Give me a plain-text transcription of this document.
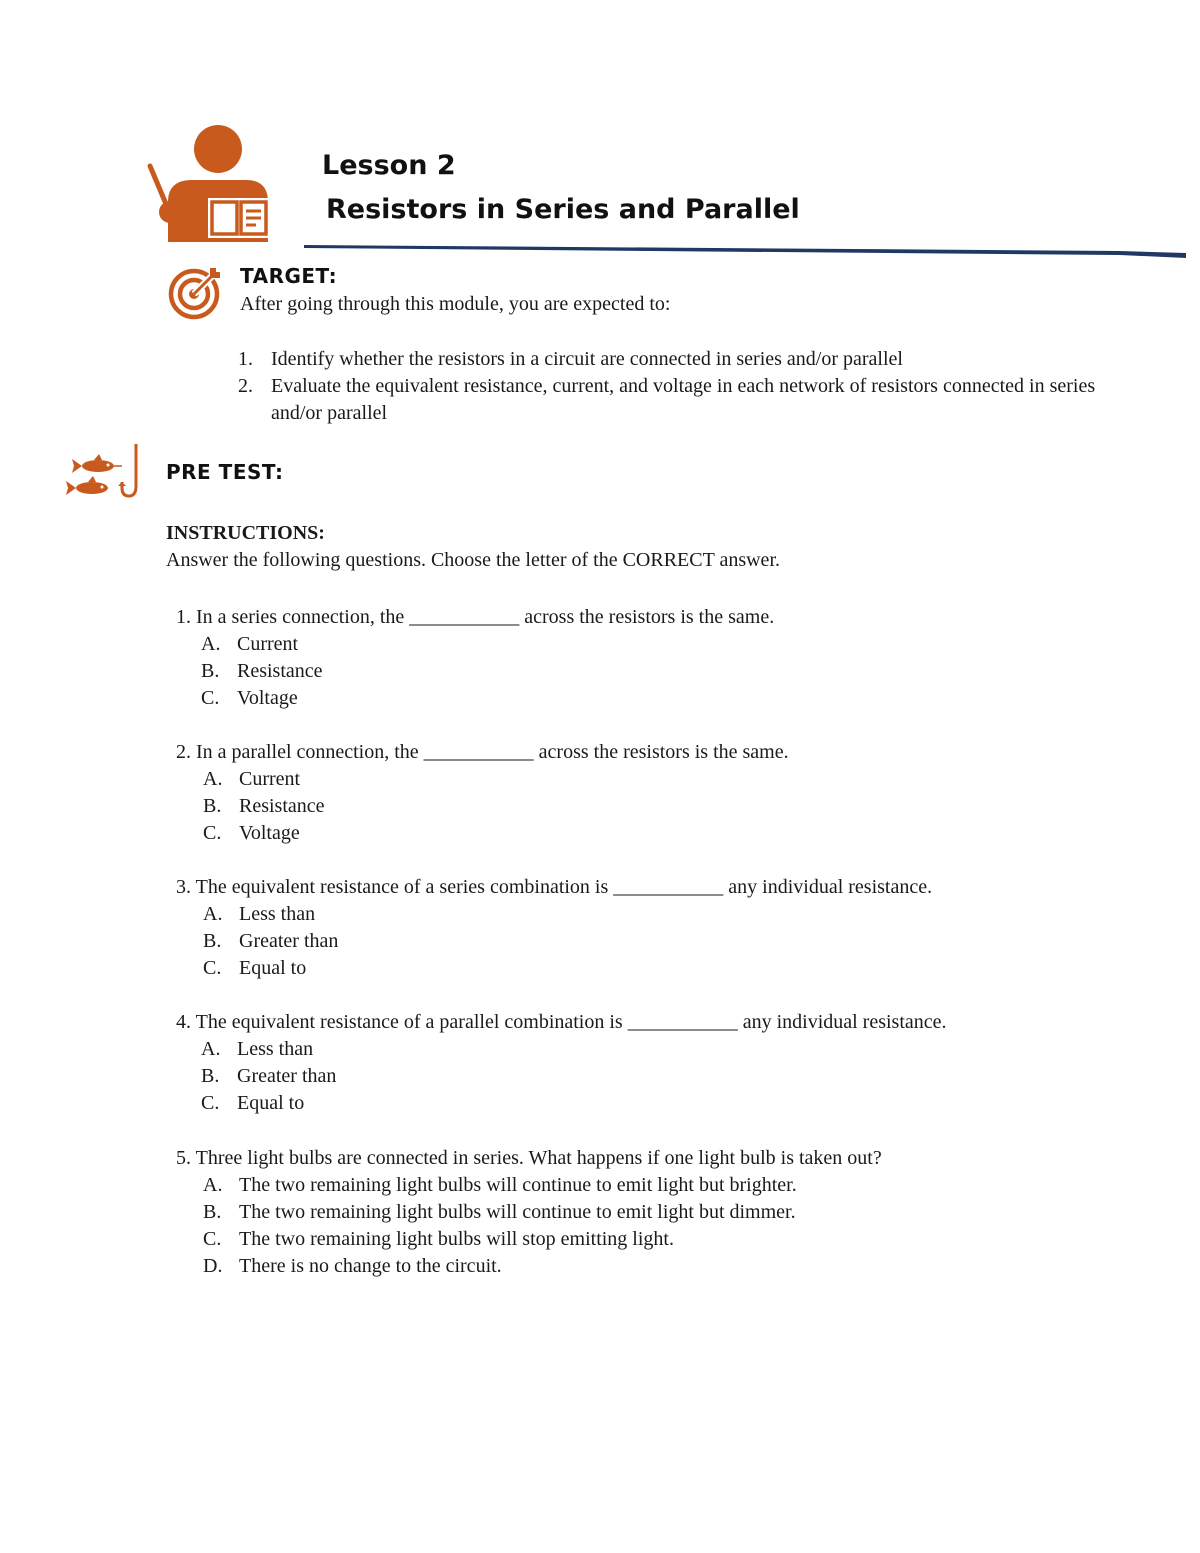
Lesson 2
Resistors in Series and Parallel
TARGET:
After going through this module, you are expected to:
1. Identify whether the resistors in a circuit are connected in series and/or parallel
2. Evaluate the equivalent resistance, current, and voltage in each network of resistors connected in series and/or parallel
PRE TEST:
INSTRUCTIONS:
Answer the following questions. Choose the letter of the CORRECT answer.
1. In a series connection, the ___________ across the resistors is the same.
A. Current
B. Resistance
C. Voltage
2. In a parallel connection, the ___________ across the resistors is the same.
A. Current
B. Resistance
C. Voltage
3. The equivalent resistance of a series combination is ___________ any individual resistance.
A. Less than
B. Greater than
C. Equal to
4. The equivalent resistance of a parallel combination is ___________ any individual resistance.
A. Less than
B. Greater than
C. Equal to
5. Three light bulbs are connected in series. What happens if one light bulb is taken out?
A. The two remaining light bulbs will continue to emit light but brighter.
B. The two remaining light bulbs will continue to emit light but dimmer.
C. The two remaining light bulbs will stop emitting light.
D. There is no change to the circuit.
